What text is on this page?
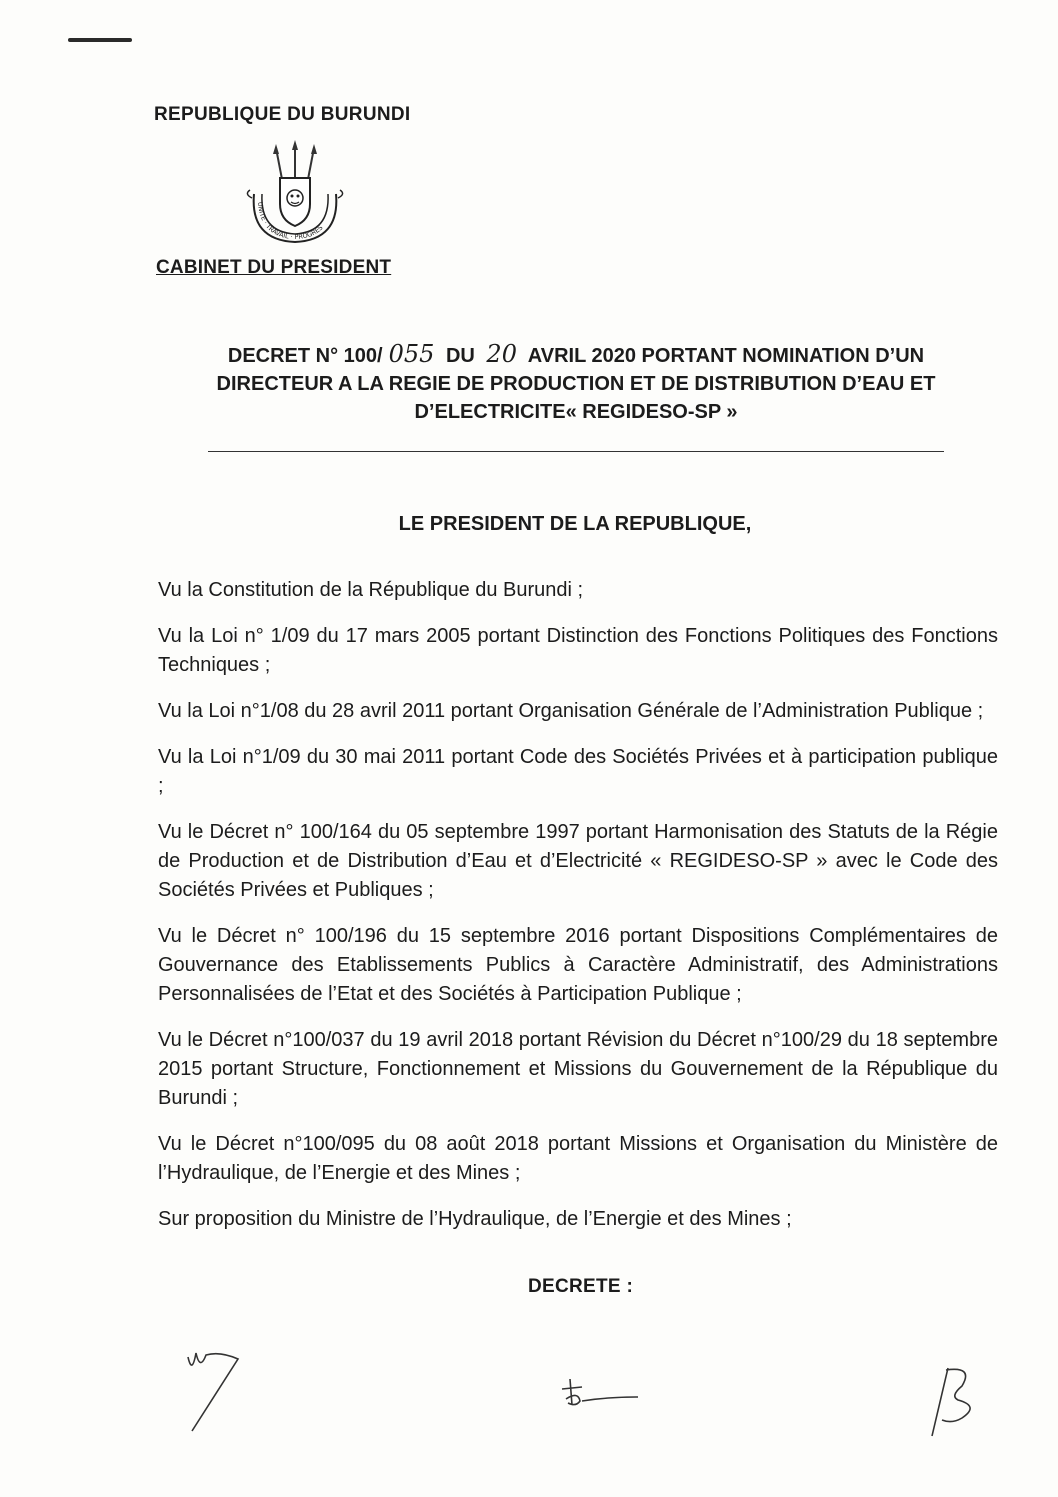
REPUBLIQUE DU BURUNDI
UNITE · TRAVAIL · PROGRES
CABINET DU PRESIDENT
DECRET N° 100/ 055 DU 20 AVRIL 2020 PORTANT NOMINATION D’UN
DIRECTEUR A LA REGIE DE PRODUCTION ET DE DISTRIBUTION D’EAU ET
D’ELECTRICITE« REGIDESO-SP »
LE PRESIDENT DE LA REPUBLIQUE,

Vu la Constitution de la République du Burundi ;

Vu la Loi n° 1/09 du 17 mars 2005 portant Distinction des Fonctions Politiques des Fonctions Techniques ;

Vu la Loi n°1/08 du 28 avril 2011 portant Organisation Générale de l’Administration Publique ;

Vu la Loi n°1/09 du 30 mai 2011 portant Code des Sociétés Privées et à participation publique ;

Vu le Décret n° 100/164 du 05 septembre 1997 portant Harmonisation des Statuts de la Régie de Production et de Distribution d’Eau et d’Electricité « REGIDESO-SP » avec le Code des Sociétés Privées et Publiques ;

Vu le Décret n° 100/196 du 15 septembre 2016 portant Dispositions Complémentaires de Gouvernance des Etablissements Publics à Caractère Administratif, des Administrations Personnalisées de l’Etat et des Sociétés à Participation Publique ;

Vu le Décret n°100/037 du 19 avril 2018 portant Révision du Décret n°100/29 du 18 septembre 2015 portant Structure, Fonctionnement et Missions du Gouvernement de la République du Burundi ;

Vu le Décret n°100/095 du 08 août 2018 portant Missions et Organisation du Ministère de l’Hydraulique, de l’Energie et des Mines ;

Sur proposition du Ministre de l’Hydraulique, de l’Energie et des Mines ;

DECRETE :
